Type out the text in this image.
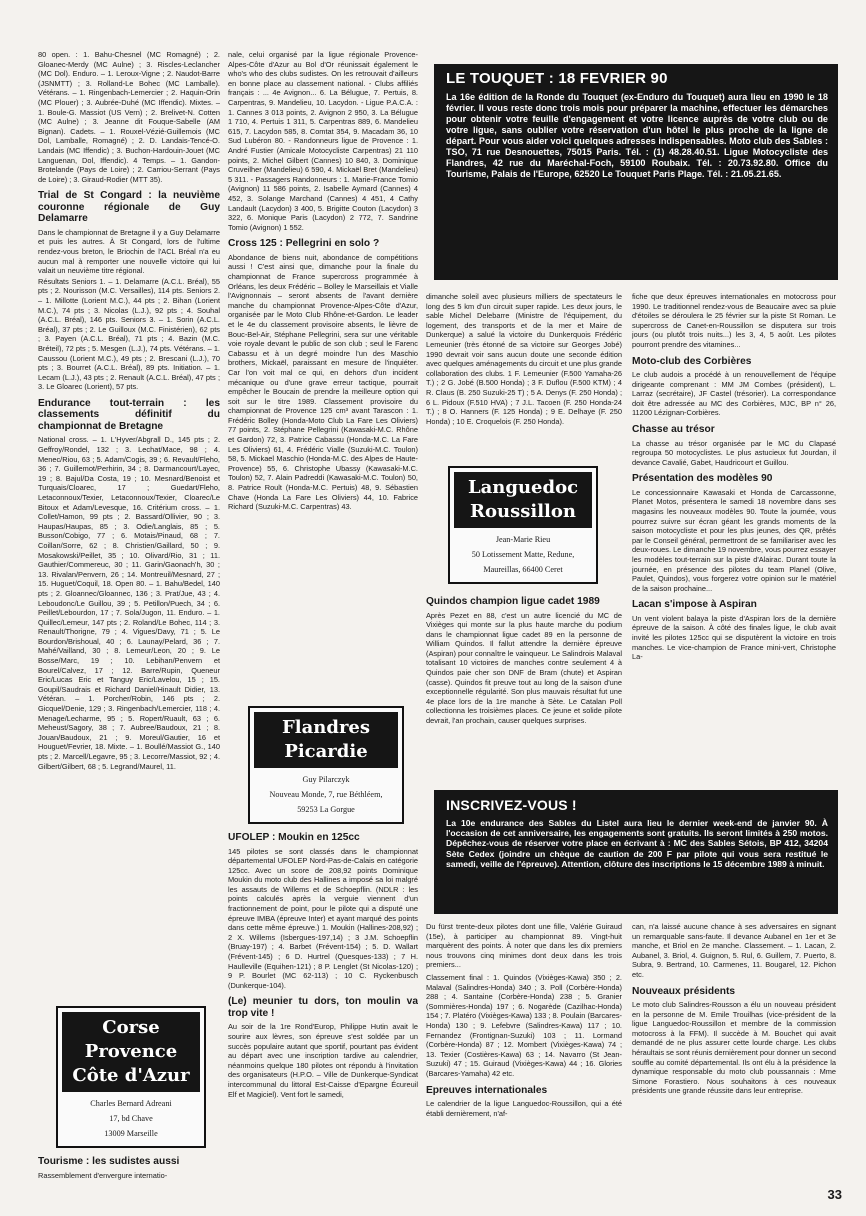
80 open. : 1. Bahu-Chesnel (MC Romagné) ; 2. Gloanec-Merdy (MC Aulne) ; 3. Riscles-Leclancher (MC Dol). Enduro. – 1. Leroux-Vigne ; 2. Naudot-Barre (JSNMTT) ; 3. Rolland-Le Bohec (MC Lamballe). Vétérans. – 1. Ringenbach-Lemercier ; 2. Haquin-Orin (MC Plouer) ; 3. Aubrée-Duhé (MC Iffendic). Mixtes. – 1. Boule-G. Massiot (US Vern) ; 2. Brelivet-N. Cotten (MC Aulne) ; 3. Jeanne dit Fouque-Sabelle (AM Bignan). Cadets. – 1. Rouxel-Vézié-Guillemois (MC Dol, Lamballe, Romagné) ; 2. D. Landais-Tencé-O. Landais (MC Iffendic) ; 3. Buchon-Hardouin-Jouet (MC Languenan, Dol, Iffendic). 4 Temps. – 1. Gandon-Brotelande (Pays de Loire) ; 2. Carriou-Serrant (Pays de Loire) ; 3. Giraud-Rodier (MTT 35).

Trial de St Congard : la neuvième couronne régionale de Guy Delamarre

Dans le championnat de Bretagne il y a Guy Delamarre et puis les autres. À St Congard, lors de l'ultime rendez-vous breton, le Briochin de l'ACL Bréal n'a eu aucun mal à remporter une nouvelle victoire qui lui valait un neuvième titre régional.

Résultats Seniors 1. – 1. Delamarre (A.C.L. Bréal), 55 pts ; 2. Nourisson (M.C. Versailles), 114 pts. Seniors 2. – 1. Millotte (Lorient M.C.), 44 pts ; 2. Bihan (Lorient M.C.), 74 pts ; 3. Nicolas (L.J.), 92 pts ; 4. Souhal (A.C.L. Bréal), 146 pts. Seniors 3. – 1. Sorin (A.C.L. Bréal), 37 pts ; 2. Le Guilloux (M.C. Finistérien), 62 pts ; 3. Payen (A.C.L. Bréal), 71 pts ; 4. Bazin (M.C. Bréteil), 72 pts ; 5. Mesgen (L.J.), 74 pts. Vétérans. – 1. Caussou (Lorient M.C.), 49 pts ; 2. Brescani (L.J.), 70 pts ; 3. Bourret (A.C.L. Bréal), 89 pts. Initiation. – 1. Lecam (L.J.), 43 pts ; 2. Renault (A.C.L. Bréal), 47 pts ; 3. Le Gloarec (Lorient), 57 pts.

Endurance tout-terrain : les classements définitif du championnat de Bretagne

National cross. – 1. L'Hyver/Abgrall D., 145 pts ; 2. Geffroy/Rondel, 132 ; 3. Lechat/Mace, 98 ; 4. Menec/Riou, 63 ; 5. Adam/Cogis, 39 ; 6. Revault/Fleho, 36 ; 7. Guillemot/Perhirin, 34 ; 8. Darmancourt/Layec, 19 ; 8. Bajul/Da Costa, 19 ; 10. Mesnard/Benoist et Turquais/Cloarec, 17 ; Guedart/Fleho, Letaconnoux/Texier, Letaconnoux/Texier, Cloarec/Le Bitoux et Adam/Levesque, 16. Critérium cross. – 1. Collet/Hamon, 99 pts ; 2. Bassard/Ollivier, 90 ; 3. Haupas/Haupas, 85 ; 3. Odie/Langlais, 85 ; 5. Busson/Cobigo, 77 ; 6. Motais/Pinaud, 68 ; 7. Coillan/Sorre, 62 ; 8. Christien/Gaillard, 50 ; 9. Mosakowski/Peillet, 35 ; 10. Olivard/Rio, 31 ; 11. Gauthier/Commereuc, 30 ; 11. Garin/Gaonach'h, 30 ; 13. Rivalan/Penvern, 26 ; 14. Montreuil/Mesnard, 27 ; 15. Huguet/Coquil, 18. Open 80. – 1. Bahu/Bedel, 140 pts ; 2. Gloannec/Gloannec, 136 ; 3. Prat/Jue, 43 ; 4. Leboudonc/Le Guillou, 39 ; 5. Petillon/Puech, 34 ; 6. Peillet/Lebourdon, 17 ; 7. Sola/Jugon, 11. Enduro. – 1. Quillec/Lemeur, 147 pts ; 2. Roland/Le Bohec, 114 ; 3. Renault/Thorigne, 79 ; 4. Vigues/Davy, 71 ; 5. Le Bourdon/Brishoual, 40 ; 6. Launay/Pelard, 36 ; 7. Mahé/Vailland, 30 ; 8. Lemeur/Leon, 20 ; 9. Le Bosse/Marc, 19 ; 10. Lebihan/Penvern et Bourel/Calvez, 17 ; 12. Barre/Rupin, Queneur Eric/Lucas Eric et Tanguy Eric/Lavelou, 15 ; 15. Goupil/Saudrais et Richard Daniel/Hinault Didier, 13. Vétéran. – 1. Porcher/Robin, 146 pts ; 2. Gicquel/Denie, 129 ; 3. Ringenbach/Lemercier, 118 ; 4. Menage/Lecharme, 95 ; 5. Ropert/Ruault, 63 ; 6. Meheust/Sagory, 38 ; 7. Aubree/Baudoux, 21 ; 8. Jouan/Baudoux, 21 ; 9. Moreul/Gautier, 16 et Houguet/Fevrier, 18. Mixte. – 1. Boullé/Massiot G., 140 pts ; 2. Marcell/Legavre, 95 ; 3. Lecorre/Massiot, 92 ; 4. Gilbert/Gilbert, 68 ; 5. Legrand/Maurel, 11.

Corse Provence Côte d'Azur
Charles Bernard Adreani
17, bd Chave
13009 Marseille
Tourisme : les sudistes aussi

Rassemblement d'envergure internatio-

nale, celui organisé par la ligue régionale Provence-Alpes-Côte d'Azur au Bol d'Or réunissait également le who's who des clubs sudistes. On les retrouvait d'ailleurs en bonne place au classement national. - Clubs affiliés français : ... 4e Avignon... 6. La Bélugue, 7. Pertuis, 8. Carpentras, 9. Mandelieu, 10. Lacydon. - Ligue P.A.C.A. : 1. Cannes 3 013 points, 2. Avignon 2 950, 3. La Bélugue 1 710, 4. Pertuis 1 311, 5. Carpentras 889, 6. Mandelieu 615, 7. Lacydon 585, 8. Comtat 354, 9. Macadam 36, 10 Sud Lubéron 80. - Randonneurs ligue de Provence : 1. André Fustier (Amicale Motocycliste Carpentras) 21 110 points, 2. Michel Gilbert (Cannes) 10 840, 3. Dominique Cruveilher (Mandelieu) 6 590, 4. Mickaël Bret (Mandelieu) 5 311. - Passagers Randonneurs : 1. Marie-France Tomio (Avignon) 11 586 points, 2. Isabelle Aymard (Cannes) 4 452, 3. Solange Marchand (Cannes) 4 451, 4 Cathy Landault (Lacydon) 3 400, 5. Brigitte Couton (Lacydon) 3 322, 6. Monique Paris (Lacydon) 2 772, 7. Sandrine Tomio (Avignon) 1 552.

Cross 125 : Pellegrini en solo ?

Abondance de biens nuit, abondance de compétitions aussi ! C'est ainsi que, dimanche pour la finale du championnat de France supercross programmée à Orléans, les deux Frédéric – Bolley le Marseillais et Vialle l'Avignonnais – seront absents de l'avant dernière manche du championnat Provence-Alpes-Côte d'Azur, organisée par le Moto Club Rhône-et-Gardon. Le leader et le 4e du classement provisoire absents, le lièvre de Bouc-Bel-Air, Stéphane Pellegrini, sera sur une véritable voie royale devant le public de son club ; seul le Farenc Cabassu et à un degré moindre l'un des Maschio brothers, Mickaël, paraissant en mesure de l'inquiéter. Car l'on voit mal ce qui, en dehors d'un incident mécanique ou d'une grave erreur tactique, pourrait empêcher le Boucain de prendre la meilleure option qui soit sur le titre 1989. Classement provisoire du championnat de Provence 125 cm³ avant Tarascon : 1. Frédéric Bolley (Honda-Moto Club La Fare Les Oliviers) 77 points, 2. Stéphane Pellegrini (Kawasaki-M.C. Rhône et Gardon) 72, 3. Patrice Cabassu (Honda-M.C. La Fare Les Oliviers) 61, 4. Frédéric Vialle (Suzuki-M.C. Toulon) 58, 5. Mickael Maschio (Honda-M.C. des Alpes de Haute-Provence) 55, 6. Christophe Ubassy (Kawasaki-M.C. Toulon) 52, 7. Alain Padreddi (Kawasaki-M.C. Toulon) 50, 8. Patrice Roult (Honda-M.C. Pertuis) 48, 9. Sébastien Chave (Honda La Fare Les Oliviers) 44, 10. Fabrice Richard (Suzuki-M.C. Carpentras) 43.

Flandres Picardie
Guy Pilarczyk
Nouveau Monde, 7, rue Béthléem,
59253 La Gorgue
UFOLEP : Moukin en 125cc

145 pilotes se sont classés dans le championnat départemental UFOLEP Nord-Pas-de-Calais en catégorie 125cc. Avec un score de 208,92 points Dominique Moukin du moto club des Hallines a imposé sa loi malgré les assauts de Willems et de Schoepflin. (NDLR : les points calculés après la verguie viennent d'un fractionnement de point, pour le pilote qui a disputé une épreuve IMBA (épreuve Inter) et ayant marqué des points dans cette même épreuve.) 1. Moukin (Hallines-208,92) ; 2 X. Willems (Isbergues-197,14) ; 3 J.M. Schoepflin (Bruay-197) ; 4. Barbet (Frévent-154) ; 5. D. Wallart (Frévent-145) ; 6 D. Hurtrel (Quesques-133) ; 7 H. Haulleville (Equihen-121) ; 8 P. Lenglet (St Nicolas-120) ; 9 P. Bourlet (MC 62-113) ; 10 C. Ryckenbusch (Dunkerque-104).

(Le) meunier tu dors, ton moulin va trop vite !

Au soir de la 1re Rond'Europ, Philippe Hutin avait le sourire aux lèvres, son épreuve s'est soldée par un succès populaire autant que sportif, pourtant pas évident au départ avec une inscription tardive au calendrier, néanmoins quelque 180 pilotes ont répondu à l'invitation des organisateurs (H.P.O. – Ville de Dunkerque-Syndicat intercommunal du littoral Est-Caisse d'Epargne Écureuil Elf et Magiciel). Vent fort le samedi,

LE TOUQUET : 18 FEVRIER 90
La 16e édition de la Ronde du Touquet (ex-Enduro du Touquet) aura lieu en 1990 le 18 février. Il vous reste donc trois mois pour préparer la machine, effectuer les démarches pour obtenir votre feuille d'engagement et votre licence auprès de votre club ou de votre ligue, sans oublier votre réservation d'un hôtel le plus proche de la ligne de départ. Pour vous aider voici quelques adresses indispensables. Moto club des Sables : TSO, 71 rue Desnouettes, 75015 Paris. Tél. : (1) 48.28.40.51. Ligue Motocycliste des Flandres, 42 rue du Maréchal-Foch, 59100 Roubaix. Tél. : 20.73.92.80. Office du Tourisme, Palais de l'Europe, 62520 Le Touquet Paris Plage. Tél. : 21.05.21.65.

dimanche soleil avec plusieurs milliers de spectateurs le long des 5 km d'un circuit super rapide. Les deux jours, le sable Michel Delebarre (Ministre de l'équipement, du logement, des transports et de la mer et Maire de Dunkerque) a salué la victoire du Dunkerquois Frédéric Lemeunier (très étonné de sa victoire sur Georges Jobé) 1990 devrait voir sans aucun doute une seconde édition avec quelques aménagements du circuit et une plus grande collaboration des clubs. 1 F. Lemeunier (F.500 Yamaha-26 T.) ; 2 G. Jobé (B.500 Honda) ; 3 F. Duflou (F.500 KTM) ; 4 R. Claus (B. 250 Suzuki-25 T) ; 5 A. Denys (F. 250 Honda) ; 6 L. Pidoux (F.510 HVA) ; 7 J.L. Tacoen (F. 250 Honda-24 T.) ; 8 O. Hanners (F. 125 Honda) ; 9 E. Delhaye (F. 250 Honda) ; 10 E. Croquelois (F. 250 Honda).

Languedoc Roussillon
Jean-Marie Rieu
50 Lotissement Matte, Redune,
Maureillas, 66400 Ceret
Quindos champion ligue cadet 1989

Après Pezet en 88, c'est un autre licencié du MC de Vixièges qui monte sur la plus haute marche du podium dans le championnat ligue cadet 89 en la personne de William Quindos. Il fallut attendre la dernière épreuve (Aspiran) pour connaître le vainqueur. Le Salindrois Malaval totalisant 10 victoires de manches contre seulement 4 à Quindos paie cher son DNF de Bram (chute) et Aspiran (casse). Quindos fit preuve tout au long de la saison d'une exceptionnelle régularité. Son plus mauvais résultat fut une 4e place lors de la 1re manche à Sète. Le Catalan Poll collectionna les troisièmes places. Ce jeune et solide pilote devrait, l'an prochain, causer quelques surprises.

INSCRIVEZ-VOUS !
La 10e endurance des Sables du Listel aura lieu le dernier week-end de janvier 90. À l'occasion de cet anniversaire, les engagements sont gratuits. Ils seront limités à 250 motos. Dépêchez-vous de réserver votre place en écrivant à : MC des Sables Sétois, BP 412, 34204 Sète Cedex (joindre un chèque de caution de 200 F par pilote qui vous sera restitué le samedi, veille de l'épreuve). Attention, clôture des inscriptions le 15 décembre 1989 à minuit.

Du fürst trente-deux pilotes dont une fille, Valérie Guiraud (15e), à participer au championnat 89. Vingt-huit marquèrent des points. À noter que dans les dix premiers nous trouvons cinq minimes dont deux dans les trois premiers...

Classement final : 1. Quindos (Vixièges-Kawa) 350 ; 2. Malaval (Salindres-Honda) 340 ; 3. Poll (Corbère-Honda) 288 ; 4. Santaine (Corbère-Honda) 238 ; 5. Granier (Sommières-Honda) 197 ; 6. Nogarède (Cazilhac-Honda) 154 ; 7. Platéro (Vixièges-Kawa) 133 ; 8. Poulain (Barcares-Honda) 130 ; 9. Lefebvre (Salindres-Kawa) 117 ; 10. Fernandez (Frontignan-Suzuki) 103 ; 11. Lormand (Corbère-Honda) 87 ; 12. Mombert (Vixièges-Kawa) 74 ; 13. Texier (Costières-Kawa) 63 ; 14. Navarro (St Jean-Suzuki) 47 ; 15. Guiraud (Vixièges-Kawa) 44 ; 16. Glories (Barcares-Yamaha) 42 etc.

Epreuves internationales

Le calendrier de la ligue Languedoc-Roussillon, qui a été établi dernièrement, n'af-

fiche que deux épreuves internationales en motocross pour 1990. Le traditionnel rendez-vous de Beaucaire avec sa pluie d'étoiles se déroulera le 25 février sur la piste St Roman. Le supercross de Canet-en-Roussillon se disputera sur trois jours (ou plutôt trois nuits...) les 3, 4, 5 août. Les pilotes pourront prendre des vitamines...

Moto-club des Corbières

Le club audois a procédé à un renouvellement de l'équipe dirigeante comprenant : MM JM Combes (président), L. Larraz (secrétaire), JF Castel (trésorier). La correspondance doit être adressée au MC des Corbières, MJC, BP n° 26, 11200 Lézignan-Corbières.

Chasse au trésor

La chasse au trésor organisée par le MC du Clapasé regroupa 50 motocyclistes. Le plus astucieux fut Jourdan, il devance Cavalié, Gabet, Haudricourt et Guillou.

Présentation des modèles 90

Le concessionnaire Kawasaki et Honda de Carcassonne, Planet Motos, présentera le samedi 18 novembre dans ses magasins les nouveaux modèles 90. Toute la journée, vous pourrez suivre sur écran géant les grands moments de la saison motocycliste et pour les plus jeunes, des QR, prêtés par le Conseil général, permettront de se familiariser avec les deux-roues. Le dimanche 19 novembre, vous pourrez essayer les modèles tout-terrain sur la piste d'Alairac. Durant toute la journée, en présence des pilotes du team Planel (Olive, Paulet, Quindos), vous forgerez votre opinion sur le matériel de la saison prochaine...

Lacan s'impose à Aspiran

Un vent violent balaya la piste d'Aspiran lors de la dernière épreuve de la saison. À côté des finales ligue, le club avait invité les pilotes 125cc qui se disputèrent la victoire en trois manches. Le vice-champion de France mini-vert, Christophe La-

can, n'a laissé aucune chance à ses adversaires en signant un remarquable sans-faute. Il devance Aubanel en 1er et 3e manche, et Briol en 2e manche. Classement. – 1. Lacan, 2. Aubanel, 3. Briol, 4. Guignon, 5. Rul, 6. Guillem, 7. Puerto, 8. Subra, 9. Bertrand, 10. Carmenes, 11. Bougarel, 12. Pichon etc.

Nouveaux présidents

Le moto club Salindres-Rousson a élu un nouveau président en la personne de M. Emile Trouilhas (vice-président de la ligue Languedoc-Roussillon et membre de la commission motocross à la FFM). Il succède à M. Bouchet qui avait demandé de ne plus assurer cette lourde charge. Les clubs héraultais se sont réunis dernièrement pour donner un second souffle au comité départemental. Ils ont élu à la présidence la dynamique responsable du moto club poussannais : Mme Simone Forastiero. Nous souhaitons à ces nouveaux présidents une grande réussite dans leur entreprise.

33
